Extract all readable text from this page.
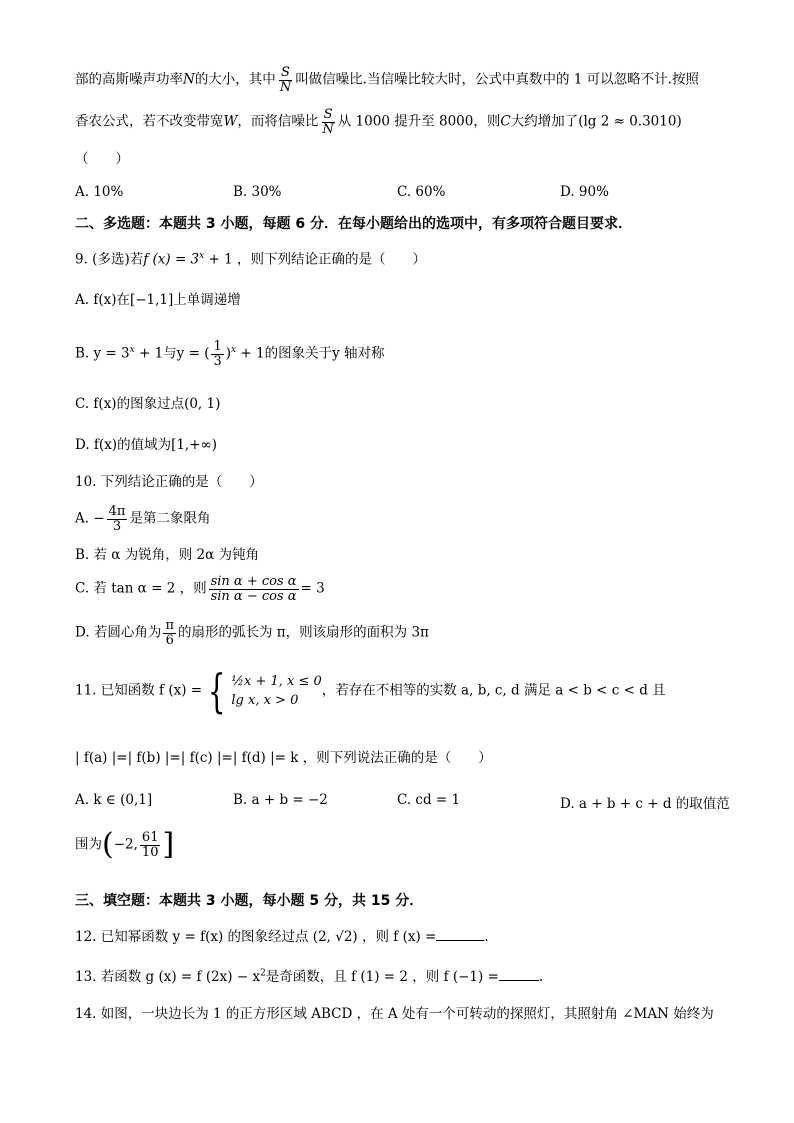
部的高斯噪声功率N的大小，其中 $\frac{S}{N}$ 叫做信噪比.当信噪比较大时，公式中真数中的 1 可以忽略不计.按照
香农公式，若不改变带宽W，而将信噪比 $\frac{S}{N}$ 从 1000 提升至 8000，则C大约增加了(lg 2 ≈ 0.3010)
（　　）
A. 10%	B. 30%	C. 60%	D. 90%
二、多选题：本题共 3 小题，每题 6 分．在每小题给出的选项中，有多项符合题目要求．
9. (多选)若f $(x) = 3^x + 1$ ，则下列结论正确的是（　　）
A. f(x)在[−1,1]上单调递增
B. $y = 3^x + 1$与y = ( $\frac{1}{3} )^x + 1$的图象关于y 轴对称
C. f(x)的图象过点(0, 1)
D. f(x)的值域为[1,+∞)
10. 下列结论正确的是（　　）
A. − $\frac{4\pi}{3}$ 是第二象限角
B. 若 α 为锐角，则 2α 为钝角
C. 若 tan α = 2 ，则 $\frac{\text{sin α + cos α}}{\text{sin α − cos α}} = 3$
D. 若圆心角为 $\frac{\pi}{6}$ 的扇形的弧长为 π，则该扇形的面积为 3π
11. 已知函数 f (x) = { ½x + 1, x ≤ 0
lg x, x > 0
，若存在不相等的实数 a, b, c, d 满足 a < b < c < d 且
| f(a) |=| f(b) |=| f(c) |=| f(d) |= k ，则下列说法正确的是（　　）
A. k ∈ (0,1]	B. a + b = −2	C. cd = 1	D. a + b + c + d 的取值范
围为(−2, $\frac{61}{10}$ ]
三、填空题：本题共 3 小题，每小题 5 分，共 15 分．
12. 已知幂函数 y = f(x) 的图象经过点 (2, √2) ，则 f (x) =	.
13. 若函数 g (x) = f $(2x) - x^2$是奇函数，且 f (1) = 2 ，则 f (−1) =	.
14. 如图，一块边长为 1 的正方形区域 ABCD ，在 A 处有一个可转动的探照灯，其照射角 ∠MAN 始终为
